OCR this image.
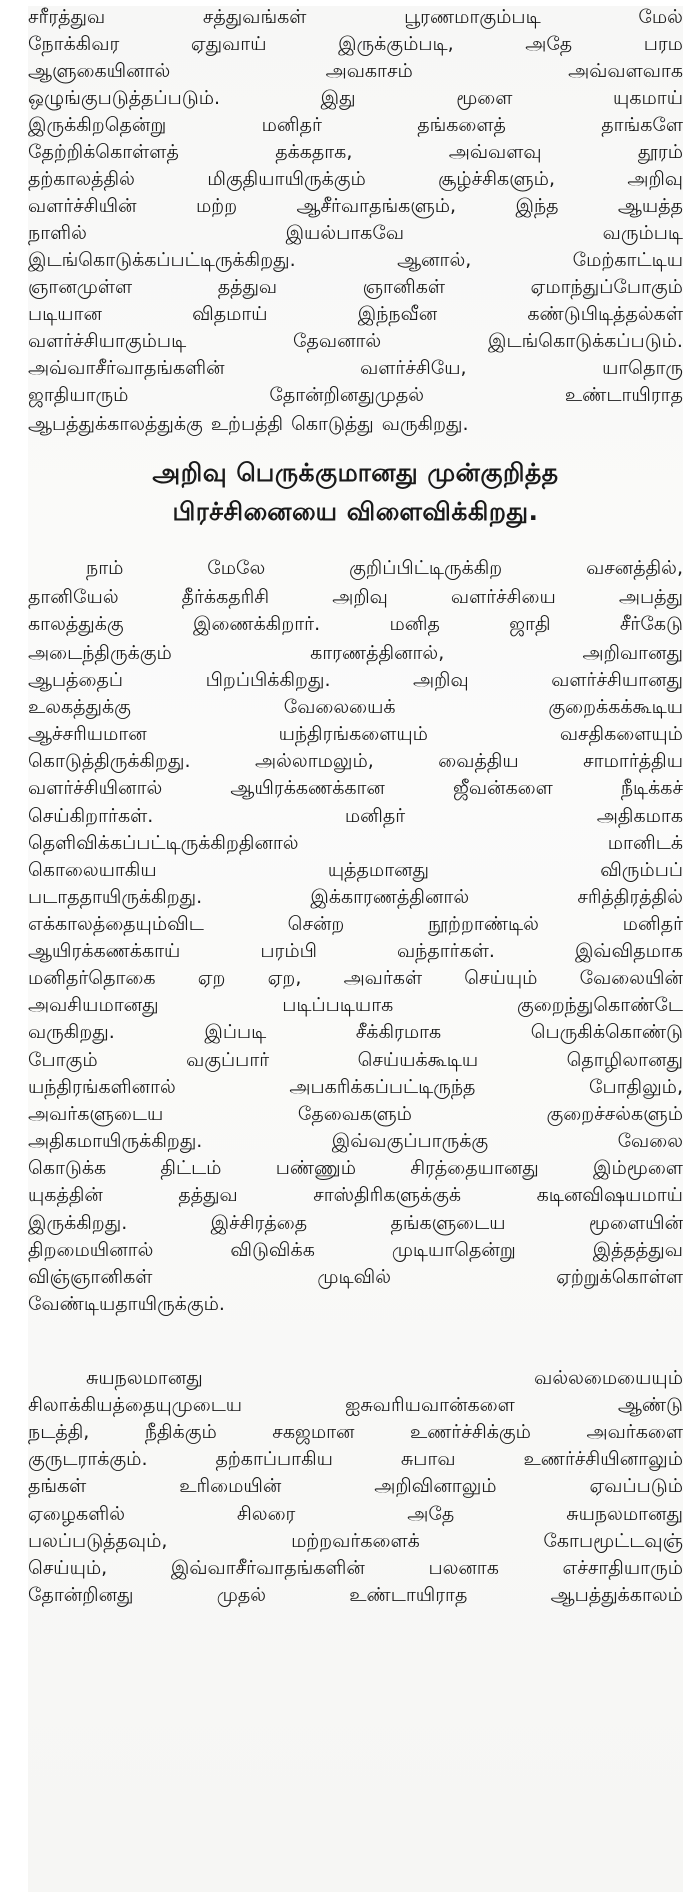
சரீரத்துவ	சத்துவங்கள்	பூரணமாகும்படி	மேல்
நோக்கிவர	ஏதுவாய்	இருக்கும்படி,	அதே	பரம
ஆளுகையினால்	அவகாசம்	அவ்வளவாக
ஒழுங்குபடுத்தப்படும்.	இது	மூளை	யுகமாய்
இருக்கிறதென்று	மனிதர்	தங்களைத்	தாங்களே
தேற்றிக்கொள்ளத்	தக்கதாக,	அவ்வளவு	தூரம்
தற்காலத்தில்	மிகுதியாயிருக்கும்	சூழ்ச்சிகளும்,	அறிவு
வளர்ச்சியின்	மற்ற	ஆசீர்வாதங்களும்,	இந்த	ஆயத்த
நாளில்	இயல்பாகவே	வரும்படி
இடங்கொடுக்கப்பட்டிருக்கிறது.	ஆனால்,	மேற்காட்டிய
ஞானமுள்ள	தத்துவ	ஞானிகள்	ஏமாந்துப்போகும்
படியான	விதமாய்	இந்நவீன	கண்டுபிடித்தல்கள்
வளர்ச்சியாகும்படி	தேவனால்	இடங்கொடுக்கப்படும்.
அவ்வாசீர்வாதங்களின்	வளர்ச்சியே,	யாதொரு
ஜாதியாரும்	தோன்றினதுமுதல்	உண்டாயிராத
ஆபத்துக்காலத்துக்கு உற்பத்தி கொடுத்து வருகிறது.
அறிவு பெருக்குமானது முன்குறித்த
பிரச்சினையை விளைவிக்கிறது.
நாம்	மேலே	குறிப்பிட்டிருக்கிற	வசனத்தில்,
தானியேல்	தீர்க்கதரிசி	அறிவு	வளர்ச்சியை	அபத்து
காலத்துக்கு	இணைக்கிறார்.	மனித	ஜாதி	சீர்கேடு
அடைந்திருக்கும்	காரணத்தினால்,	அறிவானது
ஆபத்தைப்	பிறப்பிக்கிறது.	அறிவு	வளர்ச்சியானது
உலகத்துக்கு	வேலையைக்	குறைக்கக்கூடிய
ஆச்சரியமான	யந்திரங்களையும்	வசதிகளையும்
கொடுத்திருக்கிறது.	அல்லாமலும்,	வைத்திய	சாமார்த்திய
வளர்ச்சியினால்	ஆயிரக்கணக்கான	ஜீவன்களை	நீடிக்கச்
செய்கிறார்கள்.	மனிதர்	அதிகமாக
தெளிவிக்கப்பட்டிருக்கிறதினால்	மானிடக்
கொலையாகிய	யுத்தமானது	விரும்பப்
படாததாயிருக்கிறது.	இக்காரணத்தினால்	சரித்திரத்தில்
எக்காலத்தையும்விட	சென்ற	நூற்றாண்டில்	மனிதர்
ஆயிரக்கணக்காய்	பரம்பி	வந்தார்கள்.	இவ்விதமாக
மனிதர்தொகை ஏற ஏற, அவர்கள் செய்யும் வேலையின்
அவசியமானது	படிப்படியாக	குறைந்துகொண்டே
வருகிறது.	இப்படி	சீக்கிரமாக	பெருகிக்கொண்டு
போகும்	வகுப்பார்	செய்யக்கூடிய	தொழிலானது
யந்திரங்களினால்	அபகரிக்கப்பட்டிருந்த	போதிலும்,
அவர்களுடைய	தேவைகளும்	குறைச்சல்களும்
அதிகமாயிருக்கிறது.	இவ்வகுப்பாருக்கு	வேலை
கொடுக்க	திட்டம்	பண்ணும்	சிரத்தையானது	இம்மூளை
யுகத்தின்	தத்துவ	சாஸ்திரிகளுக்குக்	கடினவிஷயமாய்
இருக்கிறது.	இச்சிரத்தை	தங்களுடைய	மூளையின்
திறமையினால்	விடுவிக்க	முடியாதென்று	இத்தத்துவ
விஞ்ஞானிகள்	முடிவில்	ஏற்றுக்கொள்ள
வேண்டியதாயிருக்கும்.
சுயநலமானது	வல்லமையையும்
சிலாக்கியத்தையுமுடைய	ஐசுவரியவான்களை	ஆண்டு
நடத்தி,	நீதிக்கும்	சகஜமான	உணர்ச்சிக்கும்	அவர்களை
குருடராக்கும்.	தற்காப்பாகிய	சுபாவ	உணர்ச்சியினாலும்
தங்கள்	உரிமையின்	அறிவினாலும்	ஏவப்படும்
ஏழைகளில்	சிலரை	அதே	சுயநலமானது
பலப்படுத்தவும்,	மற்றவர்களைக்	கோபமூட்டவுஞ்
செய்யும்,	இவ்வாசீர்வாதங்களின்	பலனாக	எச்சாதியாரும்
தோன்றினது	முதல்	உண்டாயிராத	ஆபத்துக்காலம்
